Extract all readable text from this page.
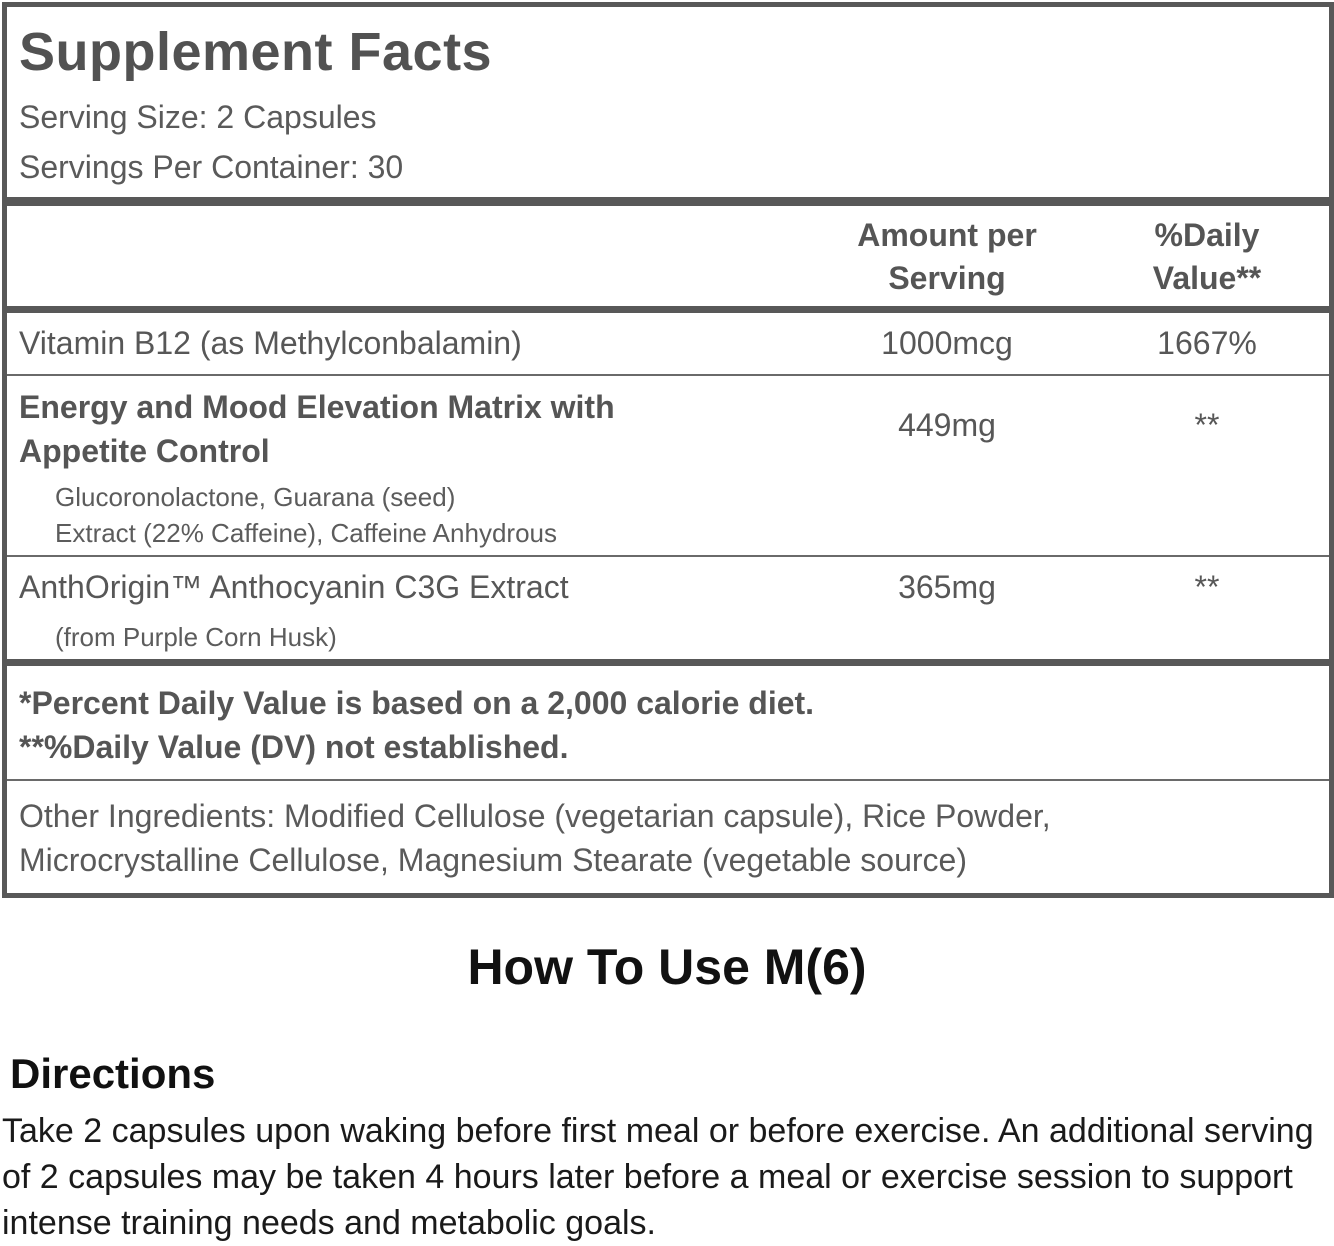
Supplement Facts
Serving Size: 2 Capsules
Servings Per Container: 30
Amount per
Serving
%Daily
Value**
Vitamin B12 (as Methylconbalamin)	1000mcg	1667%
Energy and Mood Elevation Matrix with
Appetite Control
Glucoronolactone, Guarana (seed)
Extract (22% Caffeine), Caffeine Anhydrous
449mg	**
AnthOrigin™ Anthocyanin C3G Extract
(from Purple Corn Husk)
365mg	**
*Percent Daily Value is based on a 2,000 calorie diet.
**%Daily Value (DV) not established.
Other Ingredients: Modified Cellulose (vegetarian capsule), Rice Powder,
Microcrystalline Cellulose, Magnesium Stearate (vegetable source)
How To Use M(6)
Directions
Take 2 capsules upon waking before first meal or before exercise. An additional serving of 2 capsules may be taken 4 hours later before a meal or exercise session to support intense training needs and metabolic goals.
